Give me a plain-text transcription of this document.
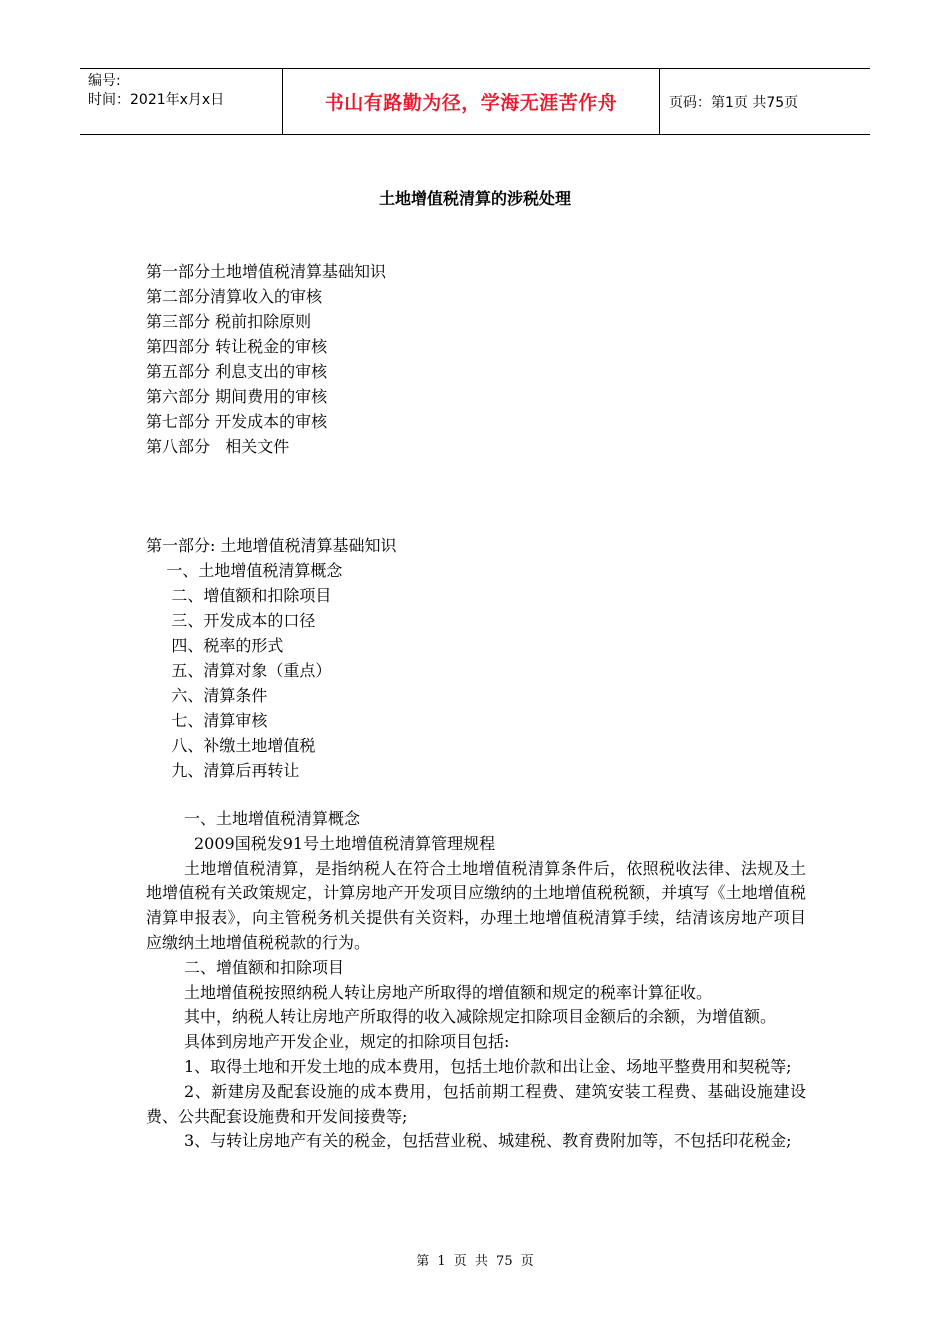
编号:
时间：2021年x月x日	书山有路勤为径，学海无涯苦作舟	页码：第1页 共75页
土地增值税清算的涉税处理
第一部分土地增值税清算基础知识
第二部分清算收入的审核
第三部分 税前扣除原则
第四部分 转让税金的审核
第五部分 利息支出的审核
第六部分 期间费用的审核
第七部分 开发成本的审核
第八部分   相关文件
第一部分: 土地增值税清算基础知识
一、土地增值税清算概念
二、增值额和扣除项目
三、开发成本的口径
四、税率的形式
五、清算对象（重点）
六、清算条件
七、清算审核
八、补缴土地增值税
九、清算后再转让

一、土地增值税清算概念

2009国税发91号土地增值税清算管理规程

土地增值税清算，是指纳税人在符合土地增值税清算条件后，依照税收法律、法规及土地增值税有关政策规定，计算房地产开发项目应缴纳的土地增值税税额，并填写《土地增值税清算申报表》，向主管税务机关提供有关资料，办理土地增值税清算手续，结清该房地产项目应缴纳土地增值税税款的行为。

二、增值额和扣除项目

土地增值税按照纳税人转让房地产所取得的增值额和规定的税率计算征收。

其中，纳税人转让房地产所取得的收入减除规定扣除项目金额后的余额，为增值额。

具体到房地产开发企业，规定的扣除项目包括:

1、取得土地和开发土地的成本费用，包括土地价款和出让金、场地平整费用和契税等;

2、新建房及配套设施的成本费用，包括前期工程费、建筑安装工程费、基础设施建设费、公共配套设施费和开发间接费等;

3、与转让房地产有关的税金，包括营业税、城建税、教育费附加等，不包括印花税金;

第 1 页 共 75 页
